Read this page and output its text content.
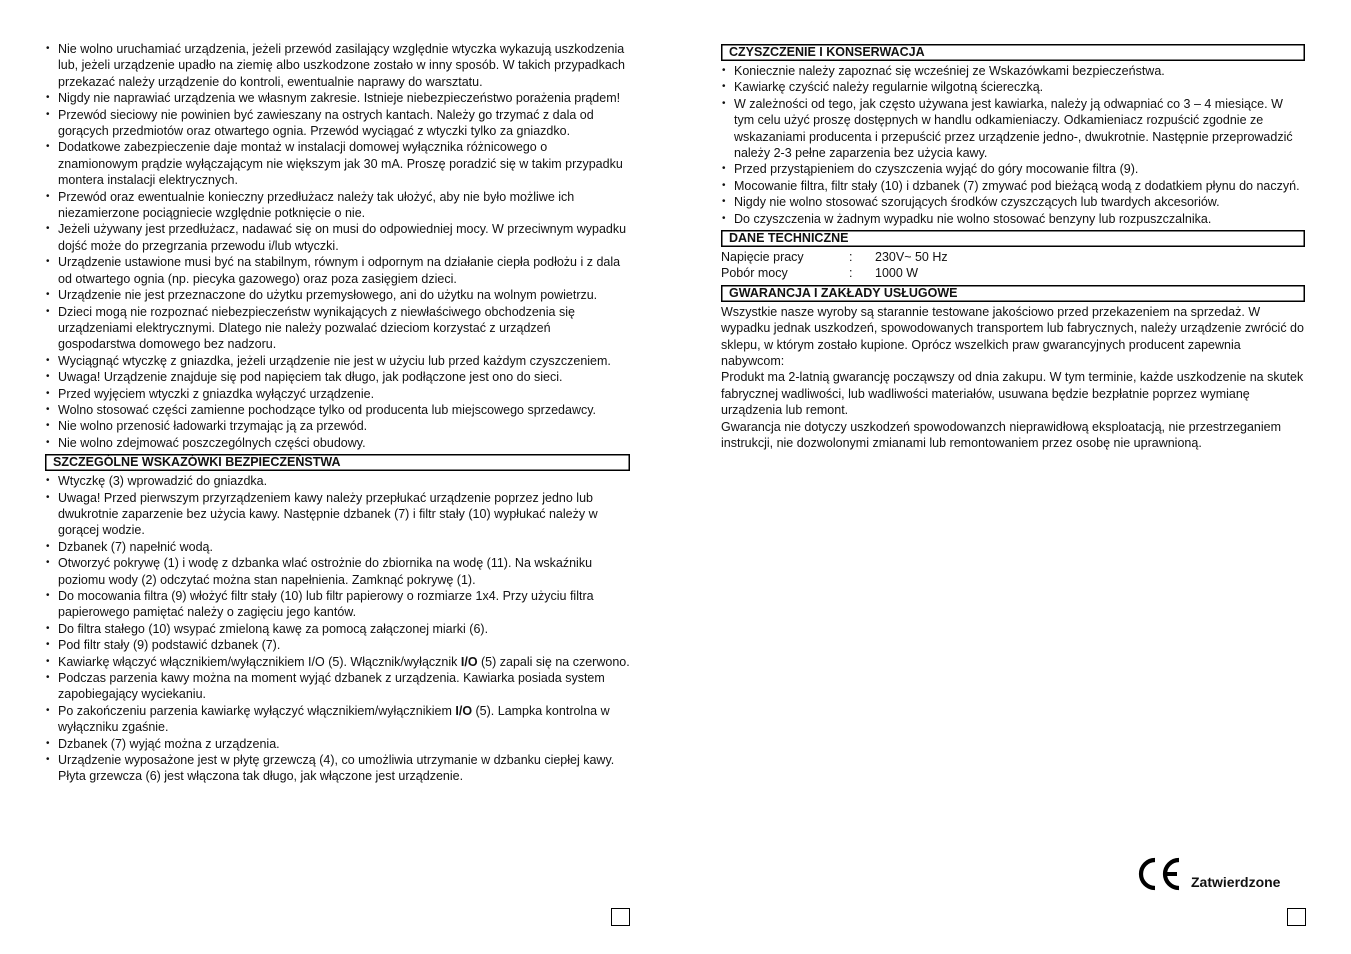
• Nie wolno uruchamiać urządzenia, jeżeli przewód zasilający względnie wtyczka wykazują uszkodzenia lub, jeżeli urządzenie upadło na ziemię albo uszkodzone zostało w inny sposób. W takich przypadkach przekazać należy urządzenie do kontroli, ewentualnie naprawy do warsztatu.
• Nigdy nie naprawiać urządzenia we własnym zakresie. Istnieje niebezpieczeństwo porażenia prądem!
• Przewód sieciowy nie powinien być zawieszany na ostrych kantach. Należy go trzymać z dala od gorących przedmiotów oraz otwartego ognia. Przewód wyciągać z wtyczki tylko za gniazdko.
• Dodatkowe zabezpieczenie daje montaż w instalacji domowej wyłącznika różnicowego o znamionowym prądzie wyłączającym nie większym jak 30 mA. Proszę poradzić się w takim przypadku montera instalacji elektrycznych.
• Przewód oraz ewentualnie konieczny przedłużacz należy tak ułożyć, aby nie było możliwe ich niezamierzone pociągniecie względnie potknięcie o nie.
• Jeżeli używany jest przedłużacz, nadawać się on musi do odpowiedniej mocy. W przeciwnym wypadku dojść może do przegrzania przewodu i/lub wtyczki.
• Urządzenie ustawione musi być na stabilnym, równym i odpornym na działanie ciepła podłożu i z dala od otwartego ognia (np. piecyka gazowego) oraz poza zasięgiem dzieci.
• Urządzenie nie jest przeznaczone do użytku przemysłowego, ani do użytku na wolnym powietrzu.
• Dzieci mogą nie rozpoznać niebezpieczeństw wynikających z niewłaściwego obchodzenia się urządzeniami elektrycznymi. Dlatego nie należy pozwalać dzieciom korzystać z urządzeń gospodarstwa domowego bez nadzoru.
• Wyciągnąć wtyczkę z gniazdka, jeżeli urządzenie nie jest w użyciu lub przed każdym czyszczeniem.
• Uwaga! Urządzenie znajduje się pod napięciem tak długo, jak podłączone jest ono do sieci.
• Przed wyjęciem wtyczki z gniazdka wyłączyć urządzenie.
• Wolno stosować części zamienne pochodzące tylko od producenta lub miejscowego sprzedawcy.
• Nie wolno przenosić ładowarki trzymając ją za przewód.
• Nie wolno zdejmować poszczególnych części obudowy.
SZCZEGÓLNE WSKAZÓWKI BEZPIECZEŃSTWA
• Wtyczkę (3) wprowadzić do gniazdka.
• Uwaga! Przed pierwszym przyrządzeniem kawy należy przepłukać urządzenie poprzez jedno lub dwukrotnie zaparzenie bez użycia kawy. Następnie dzbanek (7) i filtr stały (10) wypłukać należy w gorącej wodzie.
• Dzbanek (7) napełnić wodą.
• Otworzyć pokrywę (1) i wodę z dzbanka wlać ostrożnie do zbiornika na wodę (11). Na wskaźniku poziomu wody (2) odczytać można stan napełnienia. Zamknąć pokrywę (1).
• Do mocowania filtra (9) włożyć filtr stały (10) lub filtr papierowy o rozmiarze 1x4. Przy użyciu filtra papierowego pamiętać należy o zagięciu jego kantów.
• Do filtra stałego (10) wsypać zmieloną kawę za pomocą załączonej miarki (6).
• Pod filtr stały (9) podstawić dzbanek (7).
• Kawiarkę włączyć włącznikiem/wyłącznikiem I/O (5). Włącznik/wyłącznik I/O (5) zapali się na czerwono.
• Podczas parzenia kawy można na moment wyjąć dzbanek z urządzenia. Kawiarka posiada system zapobiegający wyciekaniu.
• Po zakończeniu parzenia kawiarkę wyłączyć włącznikiem/wyłącznikiem I/O (5). Lampka kontrolna w wyłączniku zgaśnie.
• Dzbanek (7) wyjąć można z urządzenia.
• Urządzenie wyposażone jest w płytę grzewczą (4), co umożliwia utrzymanie w dzbanku ciepłej kawy. Płyta grzewcza (6) jest włączona tak długo, jak włączone jest urządzenie.
CZYSZCZENIE I KONSERWACJA
• Koniecznie należy zapoznać się wcześniej ze Wskazówkami bezpieczeństwa.
• Kawiarkę czyścić należy regularnie wilgotną ściereczką.
• W zależności od tego, jak często używana jest kawiarka, należy ją odwapniać co 3 – 4 miesiące. W tym celu użyć proszę dostępnych w handlu odkamieniaczy. Odkamieniacz rozpuścić zgodnie ze wskazaniami producenta i przepuścić przez urządzenie jedno-, dwukrotnie. Następnie przeprowadzić należy 2-3 pełne zaparzenia bez użycia kawy.
• Przed przystąpieniem do czyszczenia wyjąć do góry mocowanie filtra (9).
• Mocowanie filtra, filtr stały (10) i dzbanek (7) zmywać pod bieżącą wodą z dodatkiem płynu do naczyń.
• Nigdy nie wolno stosować szorujących środków czyszczących lub twardych akcesoriów.
• Do czyszczenia w żadnym wypadku nie wolno stosować benzyny lub rozpuszczalnika.
DANE TECHNICZNE
Napięcie pracy	:	230V~ 50 Hz
Pobór mocy	:	1000 W
GWARANCJA I ZAKŁADY USŁUGOWE

Wszystkie nasze wyroby są starannie testowane jakościowo przed przekazeniem na sprzedaż. W wypadku jednak uszkodzeń, spowodowanych transportem lub fabrycznych, należy urządzenie zwrócić do sklepu, w którym zostało kupione. Oprócz wszelkich praw gwarancyjnych producent zapewnia nabywcom:

Produkt ma 2-latnią gwarancję począwszy od dnia zakupu. W tym terminie, każde uszkodzenie na skutek fabrycznej wadliwości, lub wadliwości materiałów, usuwana będzie bezpłatnie poprzez wymianę urządzenia lub remont.

Gwarancja nie dotyczy uszkodzeń spowodowanzch nieprawidłową eksploatacją, nie przestrzeganiem instrukcji, nie dozwolonymi zmianami lub remontowaniem przez osobę nie uprawnioną.

Zatwierdzone
